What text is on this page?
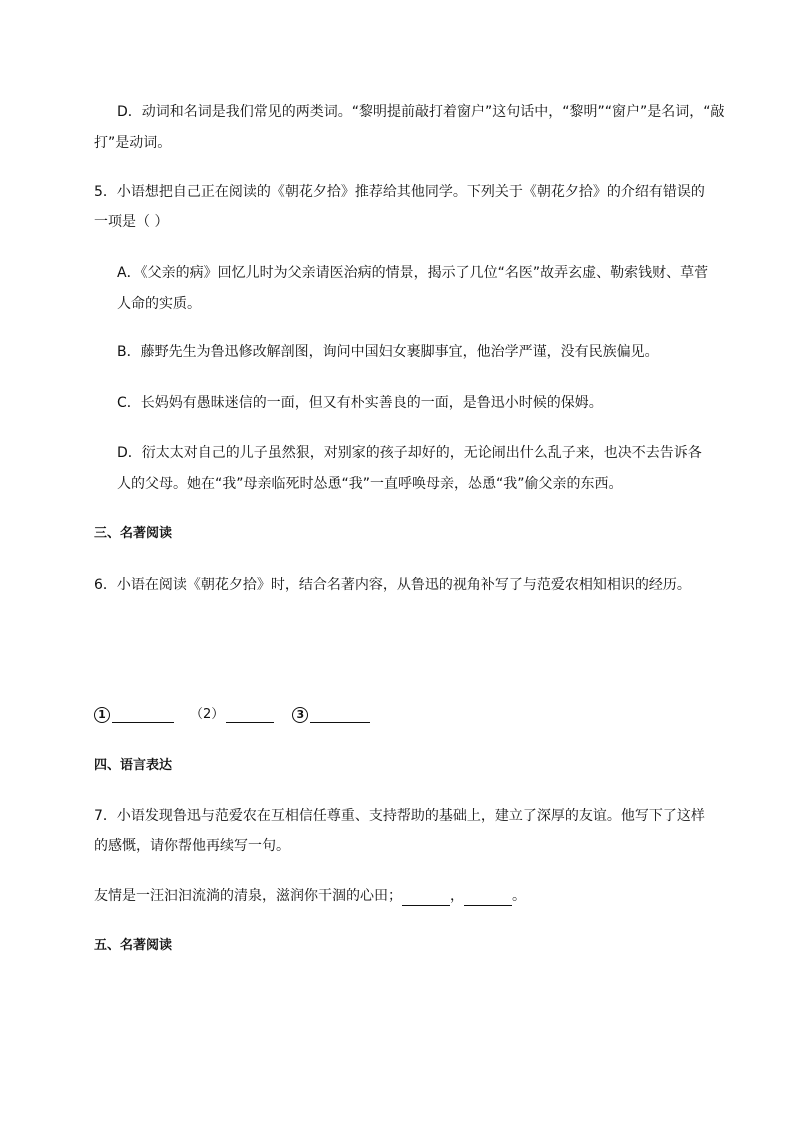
D．动词和名词是我们常见的两类词。“黎明提前敲打着窗户”这句话中，“黎明”“窗户”是名词，“敲
打”是动词。
5．小语想把自己正在阅读的《朝花夕拾》推荐给其他同学。下列关于《朝花夕拾》的介绍有错误的
一项是（ ）
A．《父亲的病》回忆儿时为父亲请医治病的情景，揭示了几位“名医”故弄玄虚、勒索钱财、草菅
人命的实质。
B．藤野先生为鲁迅修改解剖图，询问中国妇女裹脚事宜，他治学严谨，没有民族偏见。
C．长妈妈有愚昧迷信的一面，但又有朴实善良的一面，是鲁迅小时候的保姆。
D．衍太太对自己的儿子虽然狠，对别家的孩子却好的，无论闹出什么乱子来，也决不去告诉各
人的父母。她在“我”母亲临死时怂恿“我”一直呼唤母亲，怂恿“我”偷父亲的东西。
三、名著阅读
6．小语在阅读《朝花夕拾》时，结合名著内容，从鲁迅的视角补写了与范爱农相知相识的经历。
1	（2）	3
四、语言表达
7．小语发现鲁迅与范爱农在互相信任尊重、支持帮助的基础上，建立了深厚的友谊。他写下了这样
的感慨，请你帮他再续写一句。
友情是一汪汩汩流淌的清泉，滋润你干涸的心田；	，	。
五、名著阅读
